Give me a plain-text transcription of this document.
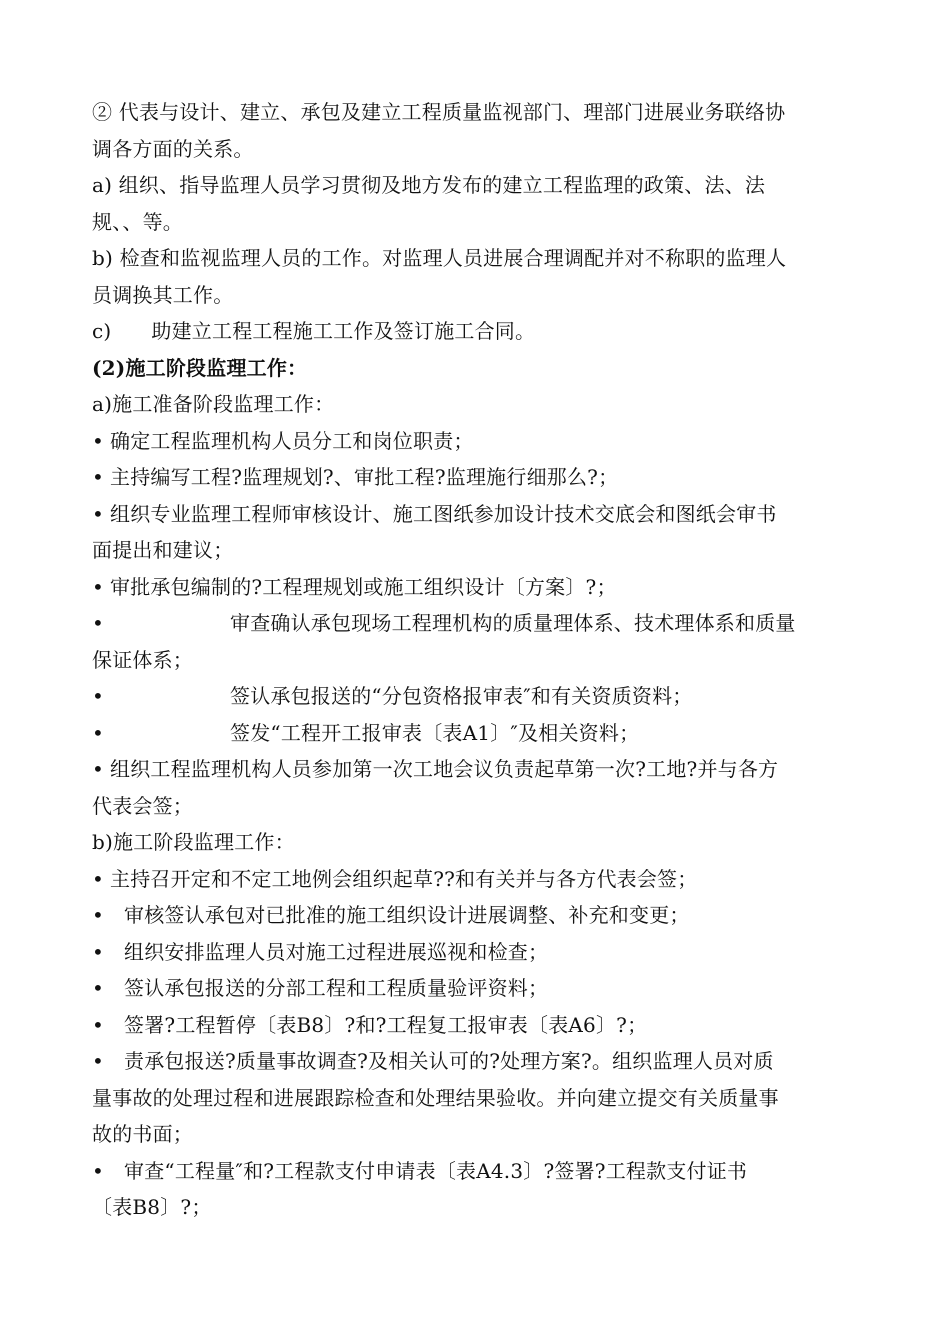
② 代表与设计、建立、承包及建立工程质量监视部门、理部门进展业务联络协
调各方面的关系。
a) 组织、指导监理人员学习贯彻及地方发布的建立工程监理的政策、法、法
规、、等。
b) 检查和监视监理人员的工作。对监理人员进展合理调配并对不称职的监理人
员调换其工作。
c) 助建立工程工程施工工作及签订施工合同。
(2)施工阶段监理工作：
a)施工准备阶段监理工作：
• 确定工程监理机构人员分工和岗位职责；
• 主持编写工程?监理规划?、审批工程?监理施行细那么?；
• 组织专业监理工程师审核设计、施工图纸参加设计技术交底会和图纸会审书
面提出和建议；
• 审批承包编制的?工程理规划或施工组织设计〔方案〕?；
•	审查确认承包现场工程理机构的质量理体系、技术理体系和质量
保证体系；
•	签认承包报送的“分包资格报审表″和有关资质资料；
•	签发“工程开工报审表〔表A1〕″及相关资料；
• 组织工程监理机构人员参加第一次工地会议负责起草第一次?工地?并与各方
代表会签；
b)施工阶段监理工作：
• 主持召开定和不定工地例会组织起草??和有关并与各方代表会签；
• 审核签认承包对已批准的施工组织设计进展调整、补充和变更；
• 组织安排监理人员对施工过程进展巡视和检查；
• 签认承包报送的分部工程和工程质量验评资料；
• 签署?工程暂停〔表B8〕?和?工程复工报审表〔表A6〕?；
• 责承包报送?质量事故调查?及相关认可的?处理方案?。组织监理人员对质
量事故的处理过程和进展跟踪检查和处理结果验收。并向建立提交有关质量事
故的书面；
• 审查“工程量″和?工程款支付申请表〔表A4.3〕?签署?工程款支付证书
〔表B8〕?；
